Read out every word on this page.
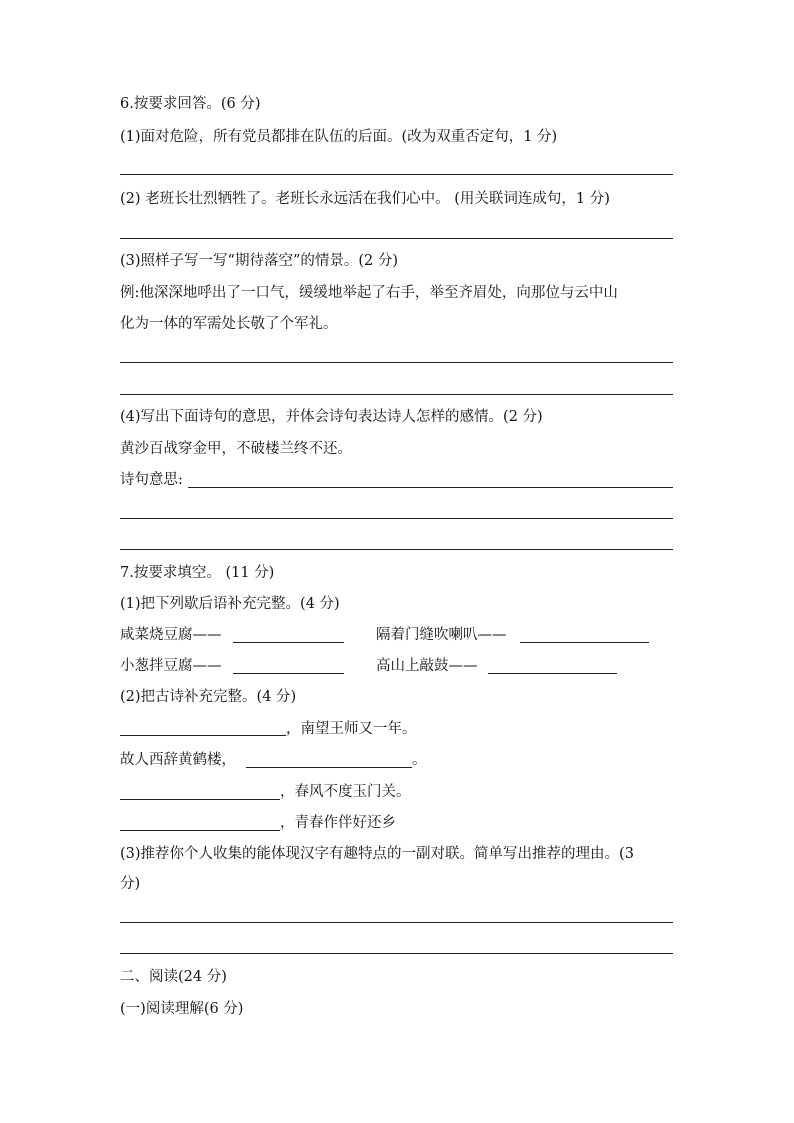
6.按要求回答。(6 分)
(1)面对危险，所有党员都排在队伍的后面。(改为双重否定句，1 分)
(2) 老班长壮烈牺牲了。老班长永远活在我们心中。 (用关联词连成句，1 分)
(3)照样子写一写“期待落空”的情景。(2 分)
例:他深深地呼出了一口气，缓缓地举起了右手，举至齐眉处，向那位与云中山
化为一体的军需处长敬了个军礼。
(4)写出下面诗句的意思，并体会诗句表达诗人怎样的感情。(2 分)
黄沙百战穿金甲，不破楼兰终不还。
诗句意思:
7.按要求填空。 (11 分)
(1)把下列歇后语补充完整。(4 分)
咸菜烧豆腐——	隔着门缝吹喇叭——
小葱拌豆腐——	高山上敲鼓——
(2)把古诗补充完整。(4 分)
，南望王师又一年。
故人西辞黄鹤楼，	。
，春风不度玉门关。
，青春作伴好还乡
(3)推荐你个人收集的能体现汉字有趣特点的一副对联。简单写出推荐的理由。(3
分)
二、阅读(24 分)
(一)阅读理解(6 分)
